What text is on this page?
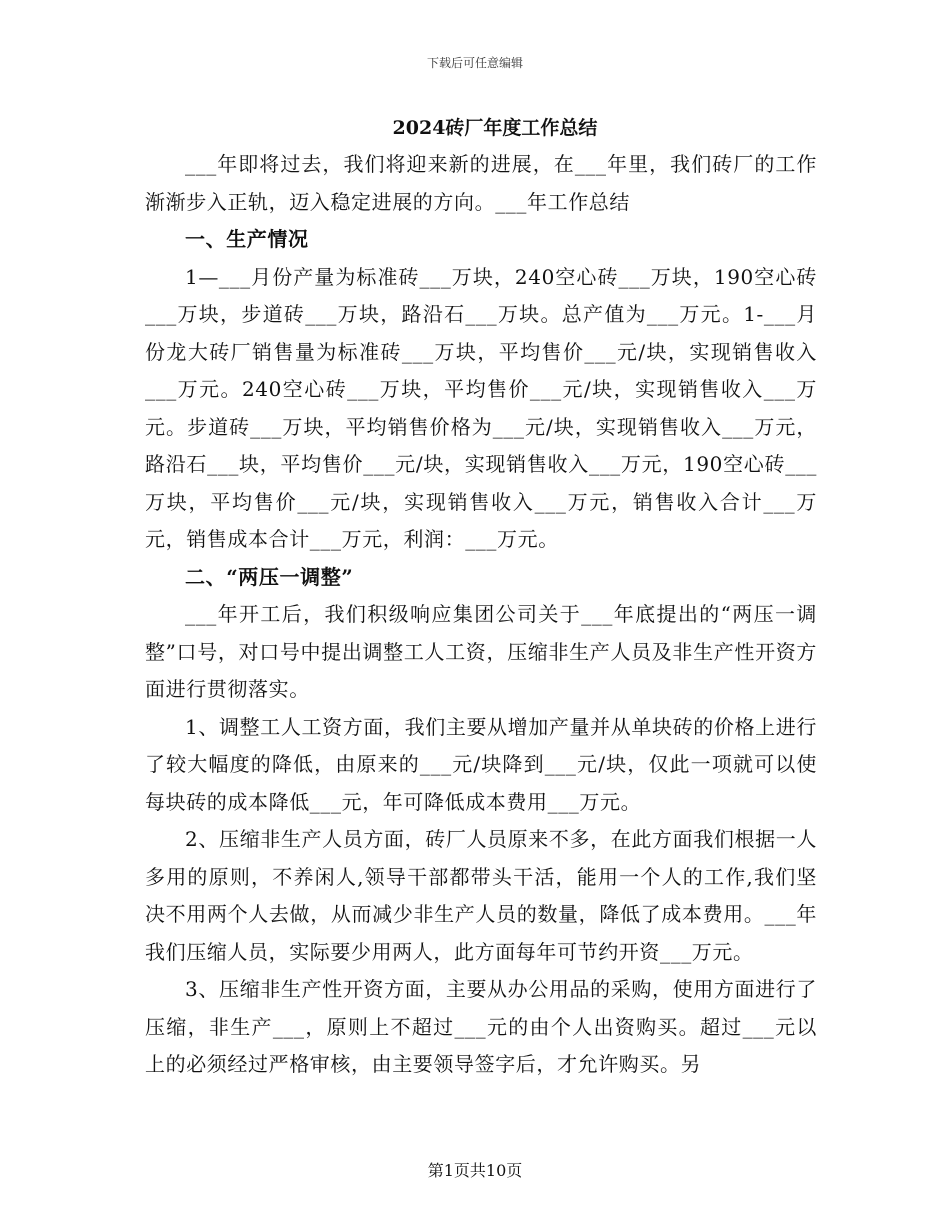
下载后可任意编辑
2024砖厂年度工作总结

___年即将过去，我们将迎来新的进展，在___年里，我们砖厂的工作渐渐步入正轨，迈入稳定进展的方向。___年工作总结

一、生产情况

1—___月份产量为标准砖___万块，240空心砖___万块，190空心砖___万块，步道砖___万块，路沿石___万块。总产值为___万元。1-___月份龙大砖厂销售量为标准砖___万块，平均售价___元/块，实现销售收入___万元。240空心砖___万块，平均售价___元/块，实现销售收入___万元。步道砖___万块，平均销售价格为___元/块，实现销售收入___万元，路沿石___块，平均售价___元/块，实现销售收入___万元，190空心砖___万块，平均售价___元/块，实现销售收入___万元，销售收入合计___万元，销售成本合计___万元，利润：___万元。

二、“两压一调整”

___年开工后，我们积级响应集团公司关于___年底提出的“两压一调整”口号，对口号中提出调整工人工资，压缩非生产人员及非生产性开资方面进行贯彻落实。

1、调整工人工资方面，我们主要从增加产量并从单块砖的价格上进行了较大幅度的降低，由原来的___元/块降到___元/块，仅此一项就可以使每块砖的成本降低___元，年可降低成本费用___万元。

2、压缩非生产人员方面，砖厂人员原来不多，在此方面我们根据一人多用的原则，不养闲人,领导干部都带头干活，能用一个人的工作,我们坚决不用两个人去做，从而减少非生产人员的数量，降低了成本费用。___年我们压缩人员，实际要少用两人，此方面每年可节约开资___万元。

3、压缩非生产性开资方面，主要从办公用品的采购，使用方面进行了压缩，非生产___，原则上不超过___元的由个人出资购买。超过___元以上的必须经过严格审核，由主要领导签字后，才允许购买。另

第1页共10页
